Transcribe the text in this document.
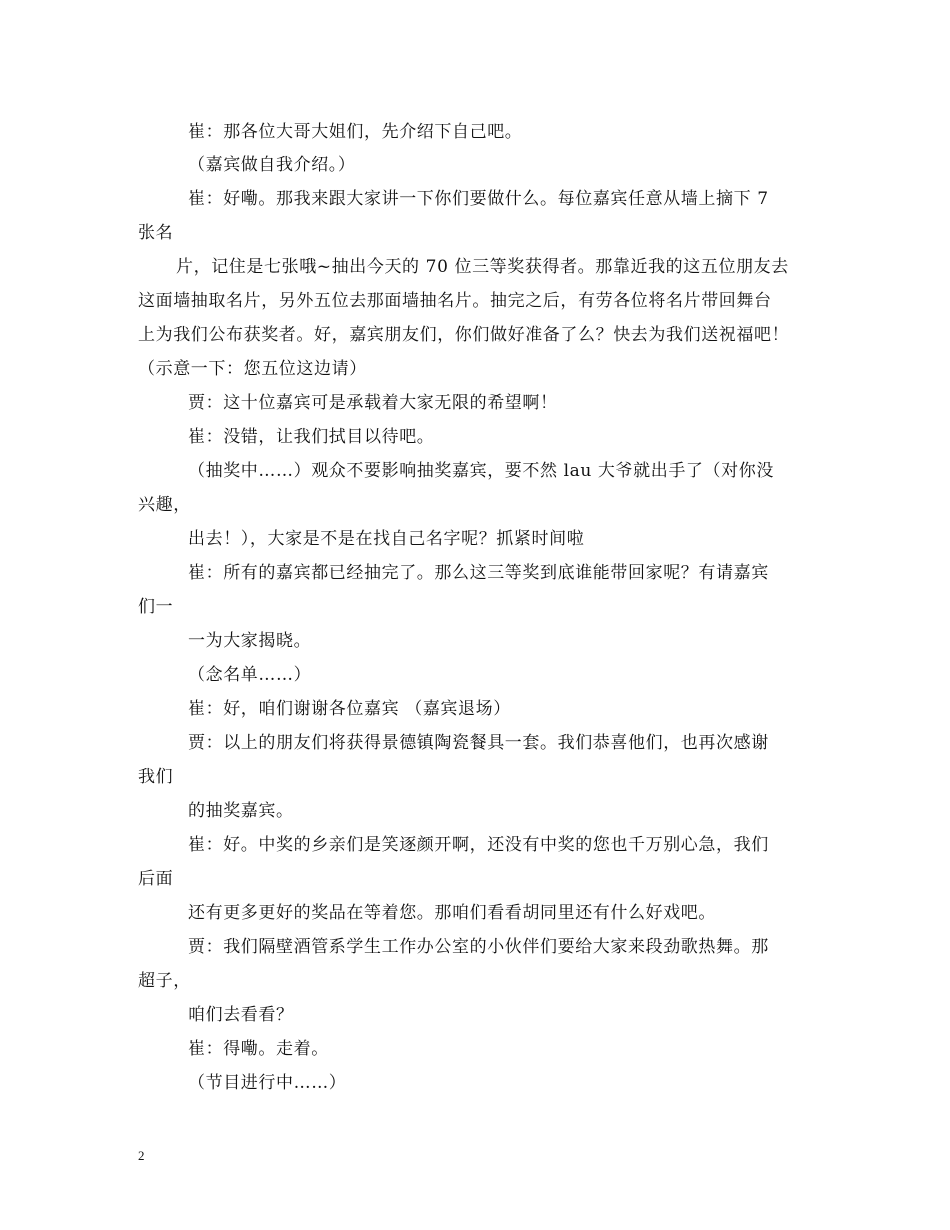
崔：那各位大哥大姐们，先介绍下自己吧。
（嘉宾做自我介绍。）
崔：好嘞。那我来跟大家讲一下你们要做什么。每位嘉宾任意从墙上摘下 7
张名
片，记住是七张哦~抽出今天的 70 位三等奖获得者。那靠近我的这五位朋友去
这面墙抽取名片，另外五位去那面墙抽名片。抽完之后，有劳各位将名片带回舞台
上为我们公布获奖者。好，嘉宾朋友们，你们做好准备了么？快去为我们送祝福吧！
（示意一下：您五位这边请）
贾：这十位嘉宾可是承载着大家无限的希望啊！
崔：没错，让我们拭目以待吧。
（抽奖中……）观众不要影响抽奖嘉宾，要不然 lau 大爷就出手了（对你没
兴趣，
出去！），大家是不是在找自己名字呢？抓紧时间啦
崔：所有的嘉宾都已经抽完了。那么这三等奖到底谁能带回家呢？有请嘉宾
们一
一为大家揭晓。
（念名单……）
崔：好，咱们谢谢各位嘉宾 （嘉宾退场）
贾：以上的朋友们将获得景德镇陶瓷餐具一套。我们恭喜他们，也再次感谢
我们
的抽奖嘉宾。
崔：好。中奖的乡亲们是笑逐颜开啊，还没有中奖的您也千万别心急，我们
后面
还有更多更好的奖品在等着您。那咱们看看胡同里还有什么好戏吧。
贾：我们隔壁酒管系学生工作办公室的小伙伴们要给大家来段劲歌热舞。那
超子，
咱们去看看？
崔：得嘞。走着。
（节目进行中……）
2
